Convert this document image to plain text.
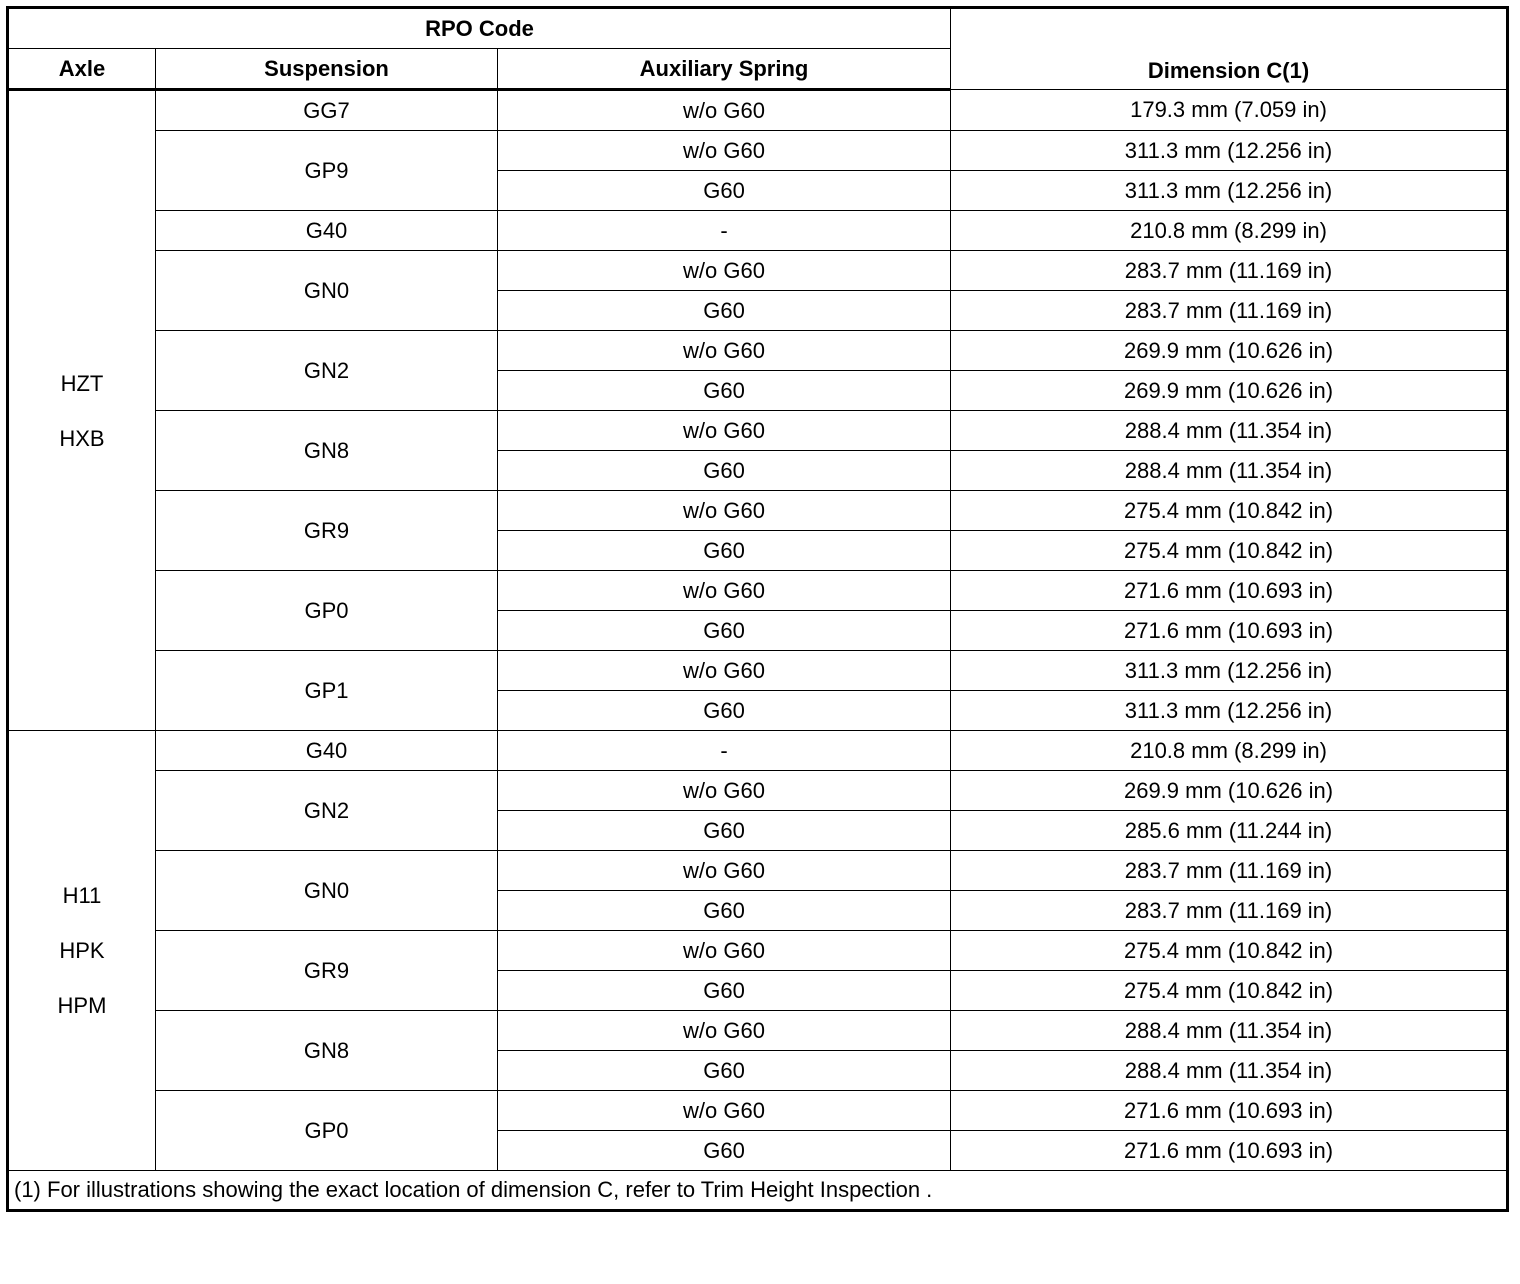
RPO Code			Dimension C(1)
Axle	Suspension	Auxiliary Spring	

HZT
HXB	GG7	w/o G60	179.3 mm (7.059 in)
	GP9	w/o G60	311.3 mm (12.256 in)
		G60	311.3 mm (12.256 in)
	G40	-	210.8 mm (8.299 in)
	GN0	w/o G60	283.7 mm (11.169 in)
		G60	283.7 mm (11.169 in)
	GN2	w/o G60	269.9 mm (10.626 in)
		G60	269.9 mm (10.626 in)
	GN8	w/o G60	288.4 mm (11.354 in)
		G60	288.4 mm (11.354 in)
	GR9	w/o G60	275.4 mm (10.842 in)
		G60	275.4 mm (10.842 in)
	GP0	w/o G60	271.6 mm (10.693 in)
		G60	271.6 mm (10.693 in)
	GP1	w/o G60	311.3 mm (12.256 in)
		G60	311.3 mm (12.256 in)

H11
HPK
HPM	G40	-	210.8 mm (8.299 in)
	GN2	w/o G60	269.9 mm (10.626 in)
		G60	285.6 mm (11.244 in)
	GN0	w/o G60	283.7 mm (11.169 in)
		G60	283.7 mm (11.169 in)
	GR9	w/o G60	275.4 mm (10.842 in)
		G60	275.4 mm (10.842 in)
	GN8	w/o G60	288.4 mm (11.354 in)
		G60	288.4 mm (11.354 in)
	GP0	w/o G60	271.6 mm (10.693 in)
		G60	271.6 mm (10.693 in)
(1) For illustrations showing the exact location of dimension C, refer to Trim Height Inspection .			
